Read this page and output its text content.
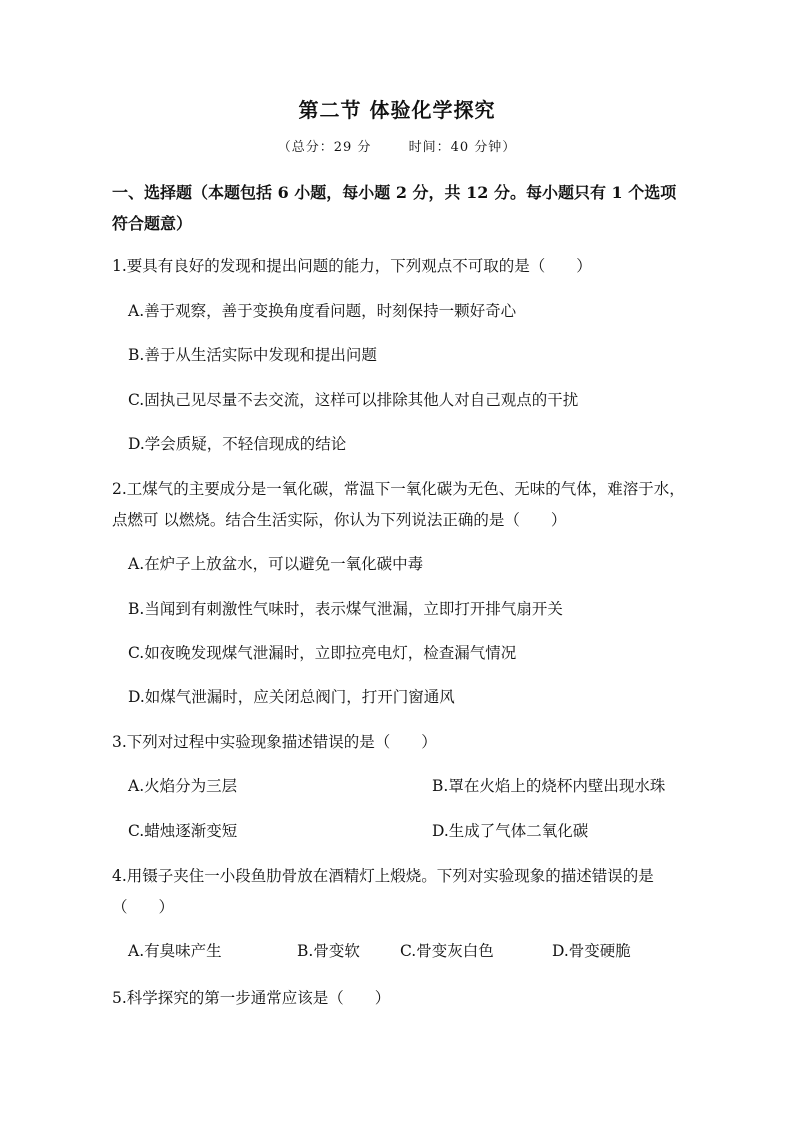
第二节 体验化学探究
（总分：29 分	时间：40 分钟）
一、选择题（本题包括 6 小题，每小题 2 分，共 12 分。每小题只有 1 个选项符合题意）
1.要具有良好的发现和提出问题的能力，下列观点不可取的是（　　）
A.善于观察，善于变换角度看问题，时刻保持一颗好奇心
B.善于从生活实际中发现和提出问题
C.固执己见尽量不去交流，这样可以排除其他人对自己观点的干扰
D.学会质疑，不轻信现成的结论
2.工煤气的主要成分是一氧化碳，常温下一氧化碳为无色、无味的气体，难溶于水，点燃可 以燃烧。结合生活实际，你认为下列说法正确的是（　　）
A.在炉子上放盆水，可以避免一氧化碳中毒
B.当闻到有刺激性气味时，表示煤气泄漏，立即打开排气扇开关
C.如夜晚发现煤气泄漏时，立即拉亮电灯，检查漏气情况
D.如煤气泄漏时，应关闭总阀门，打开门窗通风
3.下列对过程中实验现象描述错误的是（　　）
A.火焰分为三层	B.罩在火焰上的烧杯内壁出现水珠
C.蜡烛逐渐变短	D.生成了气体二氧化碳
4.用镊子夹住一小段鱼肋骨放在酒精灯上煅烧。下列对实验现象的描述错误的是（　　）
A.有臭味产生	B.骨变软	C.骨变灰白色	D.骨变硬脆
5.科学探究的第一步通常应该是（　　）
